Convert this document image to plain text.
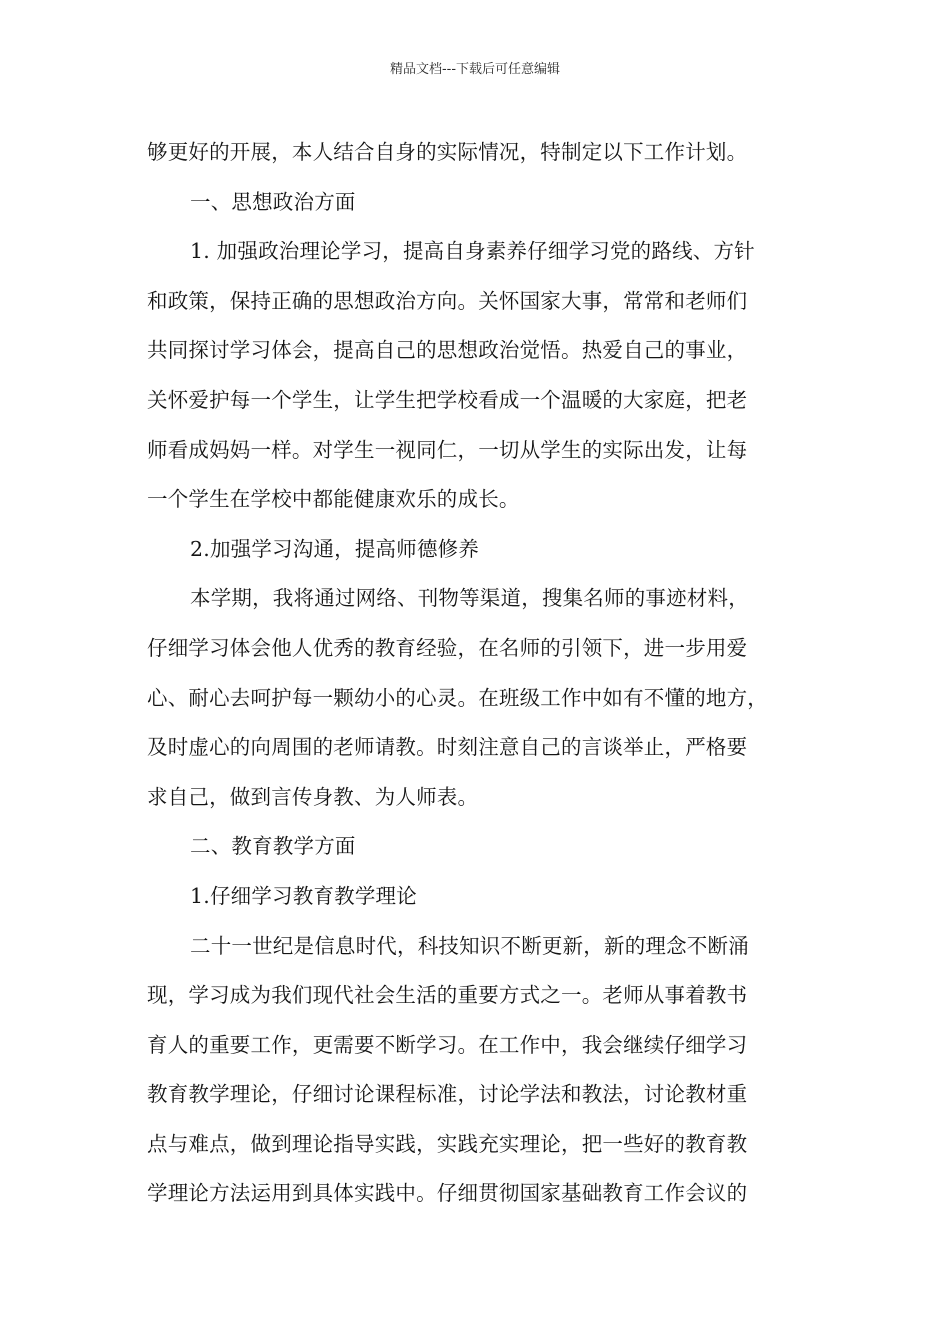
精品文档---下载后可任意编辑
够更好的开展，本人结合自身的实际情况，特制定以下工作计划。
一、思想政治方面
1. 加强政治理论学习，提高自身素养仔细学习党的路线、方针
和政策，保持正确的思想政治方向。关怀国家大事，常常和老师们
共同探讨学习体会，提高自己的思想政治觉悟。热爱自己的事业，
关怀爱护每一个学生，让学生把学校看成一个温暖的大家庭，把老
师看成妈妈一样。对学生一视同仁，一切从学生的实际出发，让每
一个学生在学校中都能健康欢乐的成长。
2.加强学习沟通，提高师德修养
本学期，我将通过网络、刊物等渠道，搜集名师的事迹材料，
仔细学习体会他人优秀的教育经验，在名师的引领下，进一步用爱
心、耐心去呵护每一颗幼小的心灵。在班级工作中如有不懂的地方，
及时虚心的向周围的老师请教。时刻注意自己的言谈举止，严格要
求自己，做到言传身教、为人师表。
二、教育教学方面
1.仔细学习教育教学理论
二十一世纪是信息时代，科技知识不断更新，新的理念不断涌
现，学习成为我们现代社会生活的重要方式之一。老师从事着教书
育人的重要工作，更需要不断学习。在工作中，我会继续仔细学习
教育教学理论，仔细讨论课程标准，讨论学法和教法，讨论教材重
点与难点，做到理论指导实践，实践充实理论，把一些好的教育教
学理论方法运用到具体实践中。仔细贯彻国家基础教育工作会议的
